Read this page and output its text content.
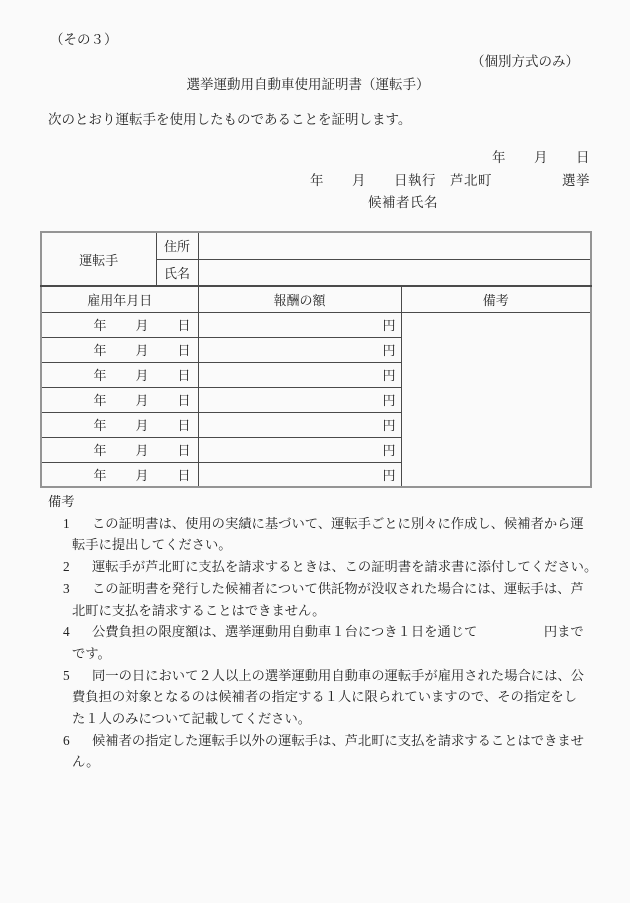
（その３）
（個別方式のみ）
選挙運動用自動車使用証明書（運転手）
次のとおり運転手を使用したものであることを証明します。
年　　月　　日
年　　月　　日執行　芦北町　　　　　選挙
候補者氏名
運転手	住所		
	氏名		
雇用年月日		報酬の額	備考
年　　月　　日		円	
年　　月　　日		円	
年　　月　　日		円	
年　　月　　日		円	
年　　月　　日		円	
年　　月　　日		円	
年　　月　　日		円	
備考
1 この証明書は、使用の実績に基づいて、運転手ごとに別々に作成し、候補者から運
転手に提出してください。
2 運転手が芦北町に支払を請求するときは、この証明書を請求書に添付してください。
3 この証明書を発行した候補者について供託物が没収された場合には、運転手は、芦
北町に支払を請求することはできません。
4 公費負担の限度額は、選挙運動用自動車１台につき１日を通じて　　　　　円まで
です。
5 同一の日において２人以上の選挙運動用自動車の運転手が雇用された場合には、公
費負担の対象となるのは候補者の指定する１人に限られていますので、その指定をし
た１人のみについて記載してください。
6 候補者の指定した運転手以外の運転手は、芦北町に支払を請求することはできませ
ん。
